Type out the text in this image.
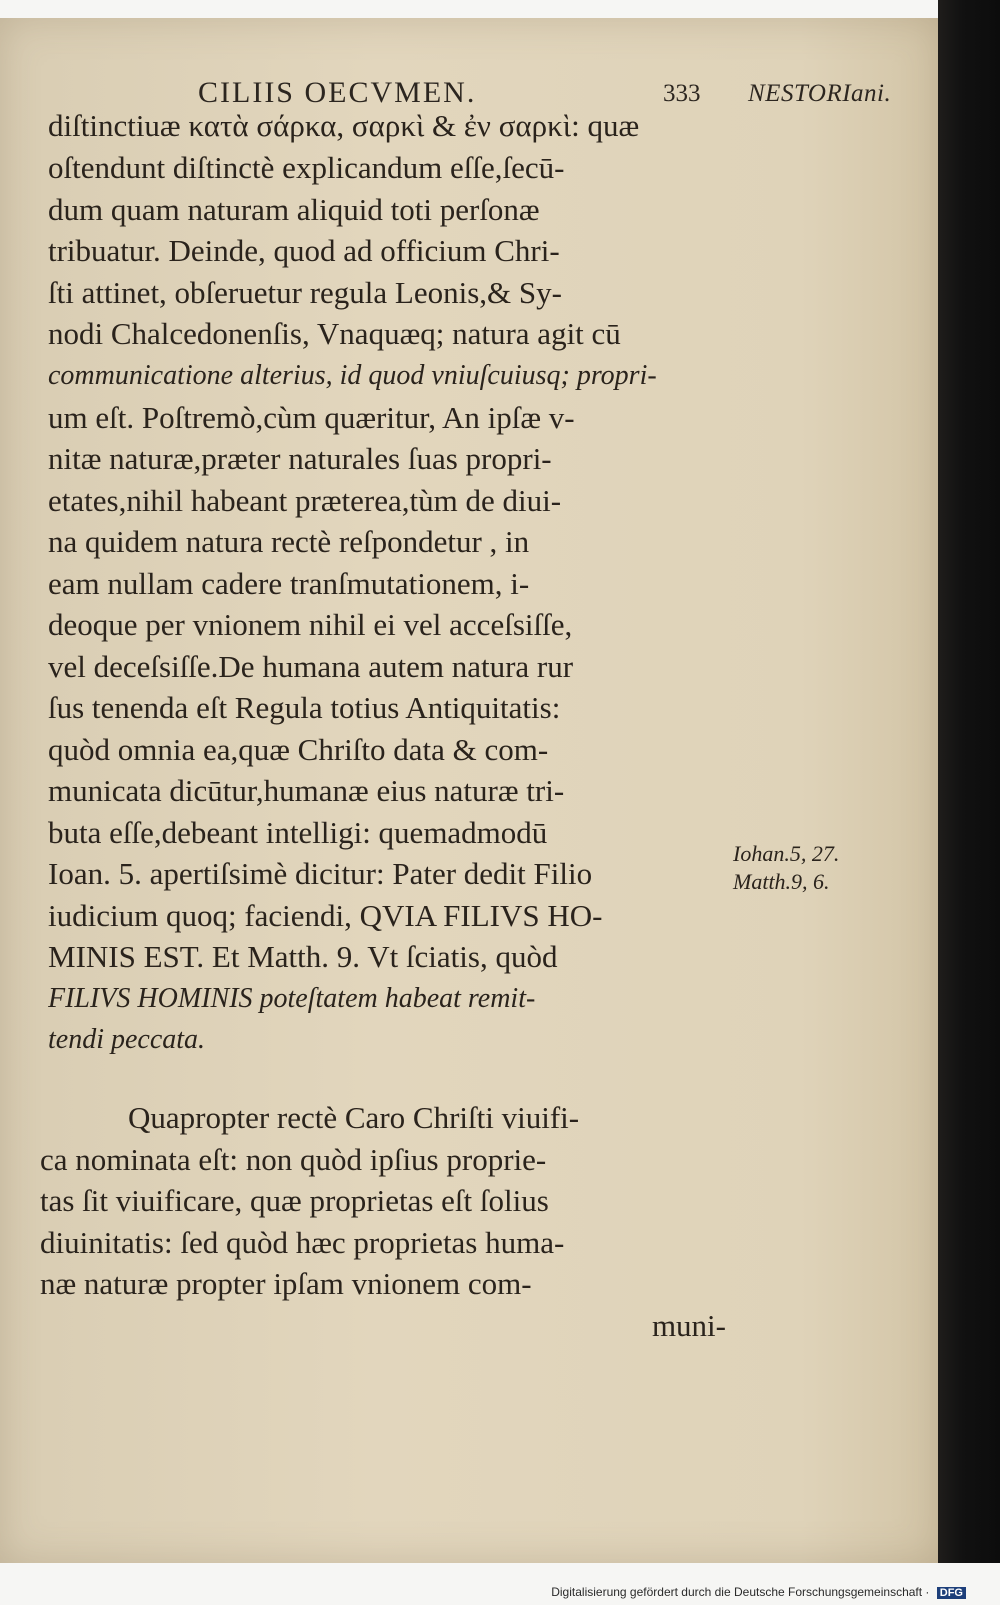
CILIIS OECVMEN.	333 NESTORIani.
diſtinctiuæ κατὰ σάρκα, σαρκὶ & ἐν σαρκὶ: quæ
oſtendunt diſtinctè explicandum eſſe,ſecū-
dum quam naturam aliquid toti perſonæ
tribuatur. Deinde, quod ad officium Chri-
ſti attinet, obſeruetur regula Leonis,& Sy-
nodi Chalcedonenſis, Vnaquæq; natura agit cū
communicatione alterius, id quod vniuſcuiusq; propri-
um eſt. Poſtremò,cùm quæritur, An ipſæ v-
nitæ naturæ,præter naturales ſuas propri-
etates,nihil habeant præterea,tùm de diui-
na quidem natura rectè reſpondetur , in
eam nullam cadere tranſmutationem, i-
deoque per vnionem nihil ei vel acceſsiſſe,
vel deceſsiſſe.De humana autem natura rur
ſus tenenda eſt Regula totius Antiquitatis:
quòd omnia ea,quæ Chriſto data & com-
municata dicūtur,humanæ eius naturæ tri-
buta eſſe,debeant intelligi: quemadmodū
Ioan. 5. apertiſsimè dicitur: Pater dedit Filio
iudicium quoq; faciendi, QVIA FILIVS HO-
MINIS EST. Et Matth. 9. Vt ſciatis, quòd
FILIVS HOMINIS poteſtatem habeat remit-
tendi peccata.
Quapropter rectè Caro Chriſti viuifi-
ca nominata eſt: non quòd ipſius proprie-
tas ſit viuificare, quæ proprietas eſt ſolius
diuinitatis: ſed quòd hæc proprietas huma-
næ naturæ propter ipſam vnionem com-
muni-
Iohan.5, 27.
Matth.9, 6.
Digitalisierung gefördert durch die Deutsche Forschungsgemeinschaft · DFG
